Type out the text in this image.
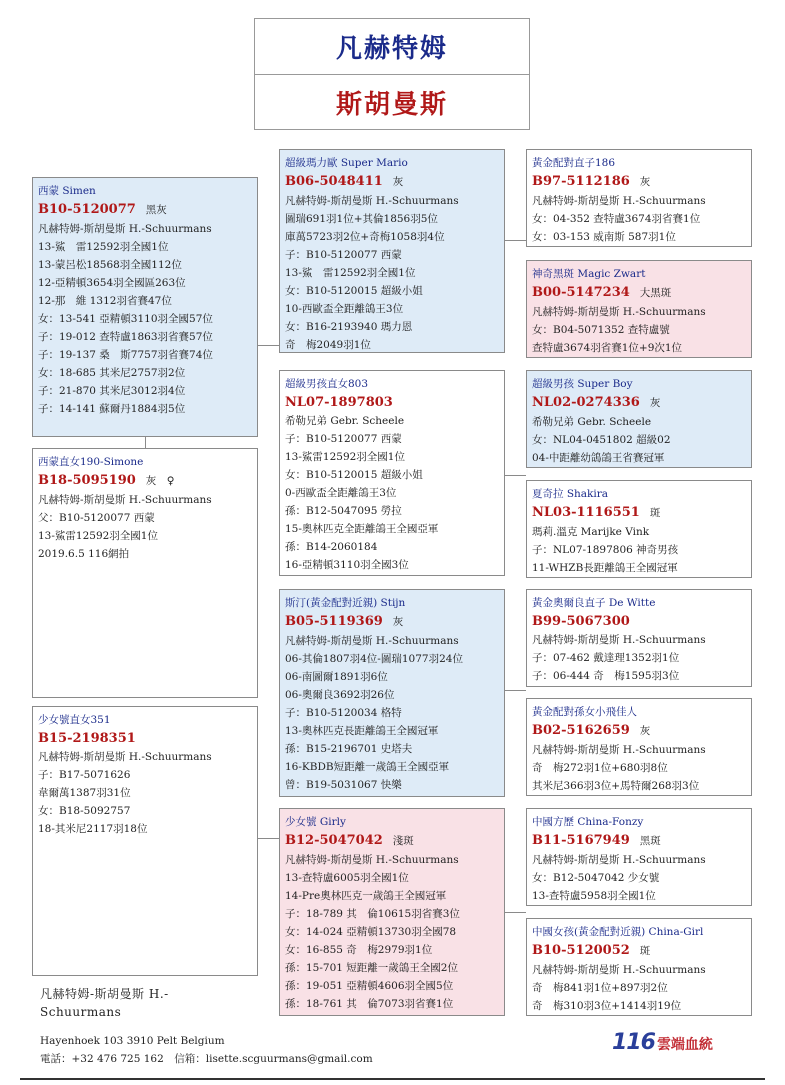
凡赫特姆
斯胡曼斯
西蒙 Simen
B10-5120077 黑灰
凡赫特姆-斯胡曼斯 H.-Schuurmans
13-鯊　雷12592羽全國1位
13-蒙呂松18568羽全國112位
12-亞精頓3654羽全國區263位
12-那　維 1312羽省賽47位
女：13-541 亞精頓3110羽全國57位
子：19-012 查特盧1863羽省賽57位
子：19-137 桑　斯7757羽省賽74位
女：18-685 其米尼2757羽2位
子：21-870 其米尼3012羽4位
子：14-141 蘇爾丹1884羽5位
西蒙直女190-Simone
B18-5095190 灰　♀
凡赫特姆-斯胡曼斯 H.-Schuurmans
父：B10-5120077 西蒙
13-鯊雷12592羽全國1位
2019.6.5 116網拍
少女號直女351
B15-2198351
凡赫特姆-斯胡曼斯 H.-Schuurmans
子：B17-5071626
韋爾萬1387羽31位
女：B18-5092757
18-其米尼2117羽18位
超級瑪力歐 Super Mario
B06-5048411 灰
凡赫特姆-斯胡曼斯 H.-Schuurmans
圖瑞691羽1位+其倫1856羽5位
庫萬5723羽2位+奇梅1058羽4位
子：B10-5120077 西蒙
13-鯊　雷12592羽全國1位
女：B10-5120015 超級小姐
10-西歐盃全距離鴿王3位
女：B16-2193940 瑪力恩
奇　梅2049羽1位
超級男孩直女803
NL07-1897803
希勒兄弟 Gebr. Scheele
子：B10-5120077 西蒙
13-鯊雷12592羽全國1位
女：B10-5120015 超級小姐
0-西歐盃全距離鴿王3位
孫：B12-5047095 勞拉
15-奧林匹克全距離鴿王全國亞軍
孫：B14-2060184
16-亞精頓3110羽全國3位
斯汀(黃金配對近親) Stijn
B05-5119369 灰
凡赫特姆-斯胡曼斯 H.-Schuurmans
06-其倫1807羽4位-圖瑞1077羽24位
06-南圖爾1891羽6位
06-奧爾良3692羽26位
子：B10-5120034 格特
13-奧林匹克長距離鴿王全國冠軍
孫：B15-2196701 史塔夫
16-KBDB短距離一歲鴿王全國亞軍
曾：B19-5031067 快樂
少女號 Girly
B12-5047042 淺斑
凡赫特姆-斯胡曼斯 H.-Schuurmans
13-查特盧6005羽全國1位
14-Pre奧林匹克一歲鴿王全國冠軍
子：18-789 其　倫10615羽省賽3位
女：14-024 亞精頓13730羽全國78
女：16-855 奇　梅2979羽1位
孫：15-701 短距離一歲鴿王全國2位
孫：19-051 亞精頓4606羽全國5位
孫：18-761 其　倫7073羽省賽1位
黃金配對直子186
B97-5112186 灰
凡赫特姆-斯胡曼斯 H.-Schuurmans
女：04-352 查特盧3674羽省賽1位
女：03-153 威南斯 587羽1位
神奇黑斑 Magic Zwart
B00-5147234 大黑斑
凡赫特姆-斯胡曼斯 H.-Schuurmans
女：B04-5071352 查特盧號
查特盧3674羽省賽1位+9次1位
超級男孩 Super Boy
NL02-0274336 灰
希勒兄弟 Gebr. Scheele
女：NL04-0451802 超級02
04-中距離幼鴿鴿王省賽冠軍
夏奇拉 Shakira
NL03-1116551 斑
瑪莉.溫克 Marijke Vink
子：NL07-1897806 神奇男孩
11-WHZB長距離鴿王全國冠軍
黃金奧爾良直子 De Witte
B99-5067300
凡赫特姆-斯胡曼斯 H.-Schuurmans
子：07-462 戴達理1352羽1位
子：06-444 奇　梅1595羽3位
黃金配對孫女小飛佳人
B02-5162659 灰
凡赫特姆-斯胡曼斯 H.-Schuurmans
奇　梅272羽1位+680羽8位
其米尼366羽3位+馬特爾268羽3位
中國方歷 China-Fonzy
B11-5167949 黑斑
凡赫特姆-斯胡曼斯 H.-Schuurmans
女：B12-5047042 少女號
13-查特盧5958羽全國1位
中國女孩(黃金配對近親) China-Girl
B10-5120052 斑
凡赫特姆-斯胡曼斯 H.-Schuurmans
奇　梅841羽1位+897羽2位
奇　梅310羽3位+1414羽19位
凡赫特姆-斯胡曼斯 H.-Schuurmans
Hayenhoek 103 3910 Pelt Belgium
電話：+32 476 725 162　信箱：lisette.scguurmans@gmail.com
116 雲端血統
